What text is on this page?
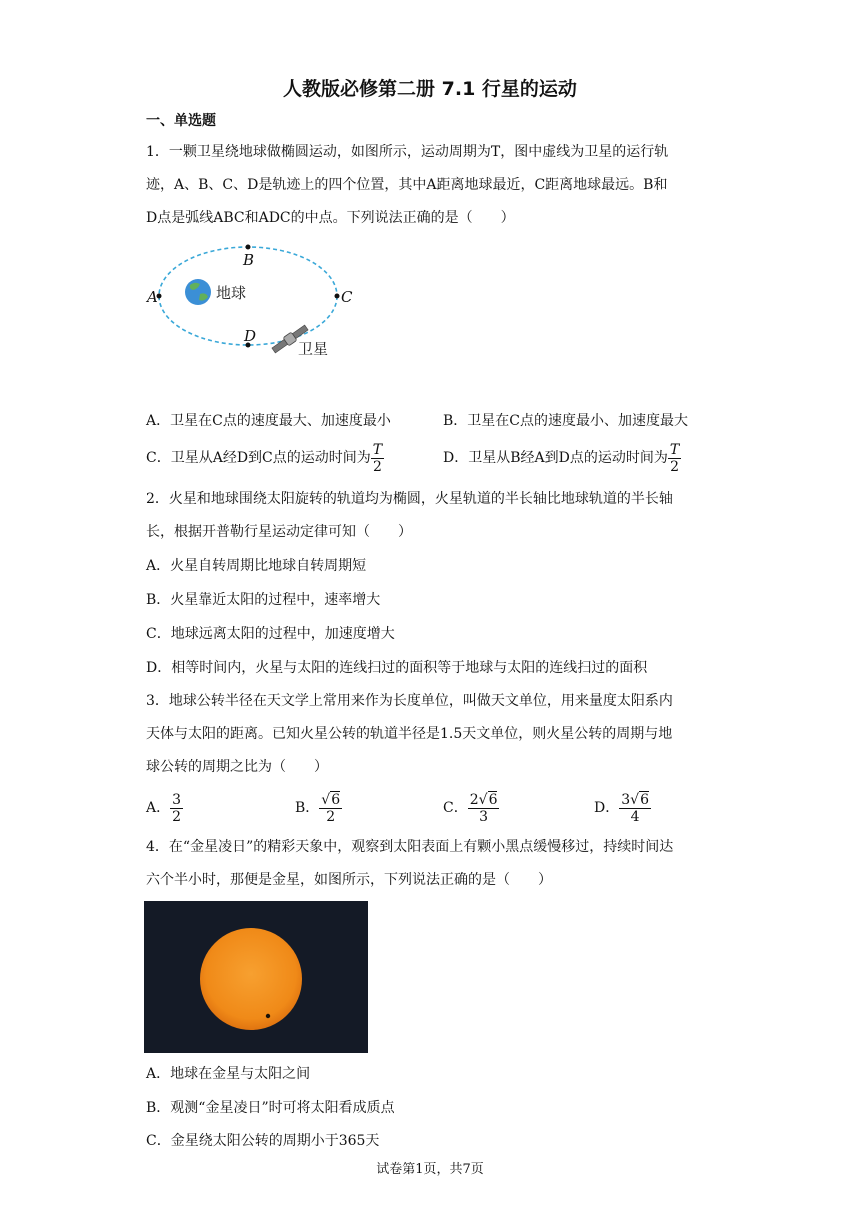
人教版必修第二册 7.1 行星的运动
一、单选题
1．一颗卫星绕地球做椭圆运动，如图所示，运动周期为T，图中虚线为卫星的运行轨
迹，A、B、C、D是轨迹上的四个位置，其中A距离地球最近，C距离地球最远。B和
D点是弧线ABC和ADC的中点。下列说法正确的是（　　）
A
B
C
D
地球
卫星
A．卫星在C点的速度最大、加速度最小	B．卫星在C点的速度最小、加速度最大
C．卫星从A经D到C点的运动时间为 $\frac{T}{2}$	D．卫星从B经A到D点的运动时间为 $\frac{T}{2}$
2．火星和地球围绕太阳旋转的轨道均为椭圆，火星轨道的半长轴比地球轨道的半长轴
长，根据开普勒行星运动定律可知（　　）
A．火星自转周期比地球自转周期短
B．火星靠近太阳的过程中，速率增大
C．地球远离太阳的过程中，加速度增大
D．相等时间内，火星与太阳的连线扫过的面积等于地球与太阳的连线扫过的面积
3．地球公转半径在天文学上常用来作为长度单位，叫做天文单位，用来量度太阳系内
天体与太阳的距离。已知火星公转的轨道半径是1.5天文单位，则火星公转的周期与地
球公转的周期之比为（　　）
A． $\frac{3}{2}$	B． $\frac{√6}{2}$	C． $\frac{2√6}{3}$	D． $\frac{3√6}{4}$
4．在“金星凌日”的精彩天象中，观察到太阳表面上有颗小黑点缓慢移过，持续时间达
六个半小时，那便是金星，如图所示，下列说法正确的是（　　）
A．地球在金星与太阳之间
B．观测“金星凌日”时可将太阳看成质点
C．金星绕太阳公转的周期小于365天
试卷第1页，共7页
